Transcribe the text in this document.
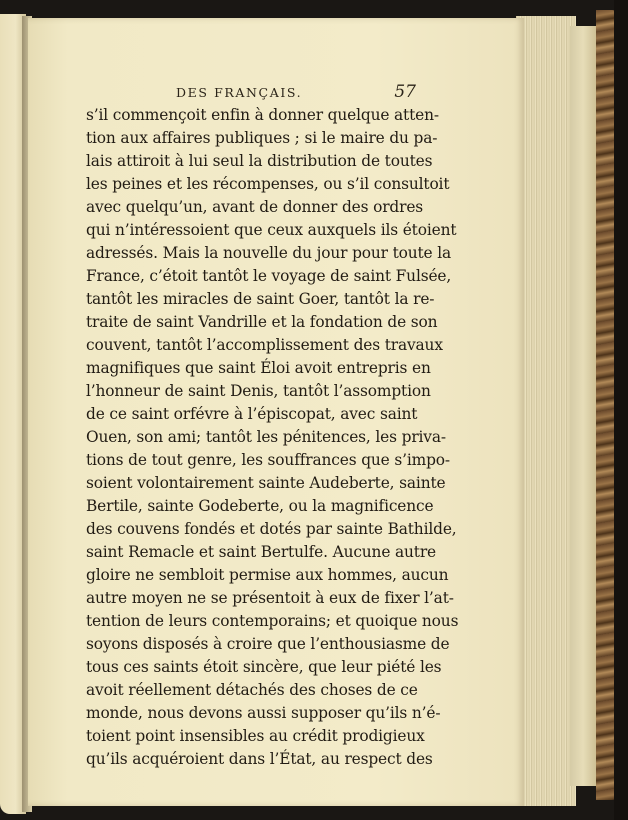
DES FRANÇAIS.	57
s’il commençoit enfin à donner quelque atten-
tion aux affaires publiques ; si le maire du pa-
lais attiroit à lui seul la distribution de toutes
les peines et les récompenses, ou s’il consultoit
avec quelqu’un, avant de donner des ordres
qui n’intéressoient que ceux auxquels ils étoient
adressés. Mais la nouvelle du jour pour toute la
France, c’étoit tantôt le voyage de saint Fulsée,
tantôt les miracles de saint Goer, tantôt la re-
traite de saint Vandrille et la fondation de son
couvent, tantôt l’accomplissement des travaux
magnifiques que saint Éloi avoit entrepris en
l’honneur de saint Denis, tantôt l’assomption
de ce saint orfévre à l’épiscopat, avec saint
Ouen, son ami; tantôt les pénitences, les priva-
tions de tout genre, les souffrances que s’impo-
soient volontairement sainte Audeberte, sainte
Bertile, sainte Godeberte, ou la magnificence
des couvens fondés et dotés par sainte Bathilde,
saint Remacle et saint Bertulfe. Aucune autre
gloire ne sembloit permise aux hommes, aucun
autre moyen ne se présentoit à eux de fixer l’at-
tention de leurs contemporains; et quoique nous
soyons disposés à croire que l’enthousiasme de
tous ces saints étoit sincère, que leur piété les
avoit réellement détachés des choses de ce
monde, nous devons aussi supposer qu’ils n’é-
toient point insensibles au crédit prodigieux
qu’ils acquéroient dans l’État, au respect des
